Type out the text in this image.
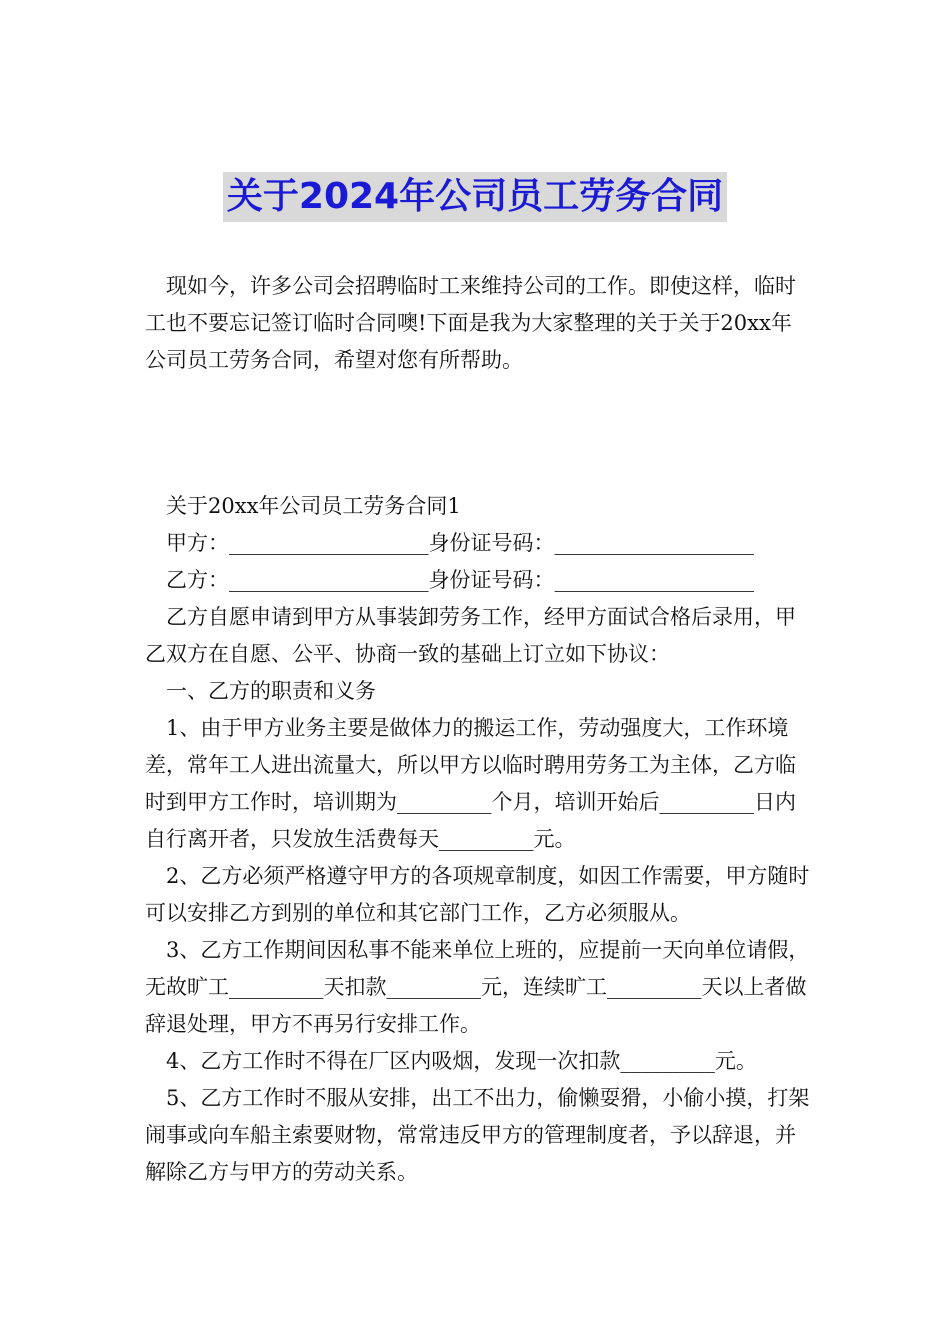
关于2024年公司员工劳务合同

现如今，许多公司会招聘临时工来维持公司的工作。即使这样，临时工也不要忘记签订临时合同噢!下面是我为大家整理的关于关于20xx年公司员工劳务合同，希望对您有所帮助。

关于20xx年公司员工劳务合同1

甲方：___________________身份证号码：___________________

乙方：___________________身份证号码：___________________

乙方自愿申请到甲方从事装卸劳务工作，经甲方面试合格后录用，甲乙双方在自愿、公平、协商一致的基础上订立如下协议：

一、乙方的职责和义务

1、由于甲方业务主要是做体力的搬运工作，劳动强度大，工作环境差，常年工人进出流量大，所以甲方以临时聘用劳务工为主体，乙方临时到甲方工作时，培训期为_________个月，培训开始后_________日内自行离开者，只发放生活费每天_________元。

2、乙方必须严格遵守甲方的各项规章制度，如因工作需要，甲方随时可以安排乙方到别的单位和其它部门工作，乙方必须服从。

3、乙方工作期间因私事不能来单位上班的，应提前一天向单位请假，无故旷工_________天扣款_________元，连续旷工_________天以上者做辞退处理，甲方不再另行安排工作。

4、乙方工作时不得在厂区内吸烟，发现一次扣款_________元。

5、乙方工作时不服从安排，出工不出力，偷懒耍猾，小偷小摸，打架闹事或向车船主索要财物，常常违反甲方的管理制度者，予以辞退，并解除乙方与甲方的劳动关系。
